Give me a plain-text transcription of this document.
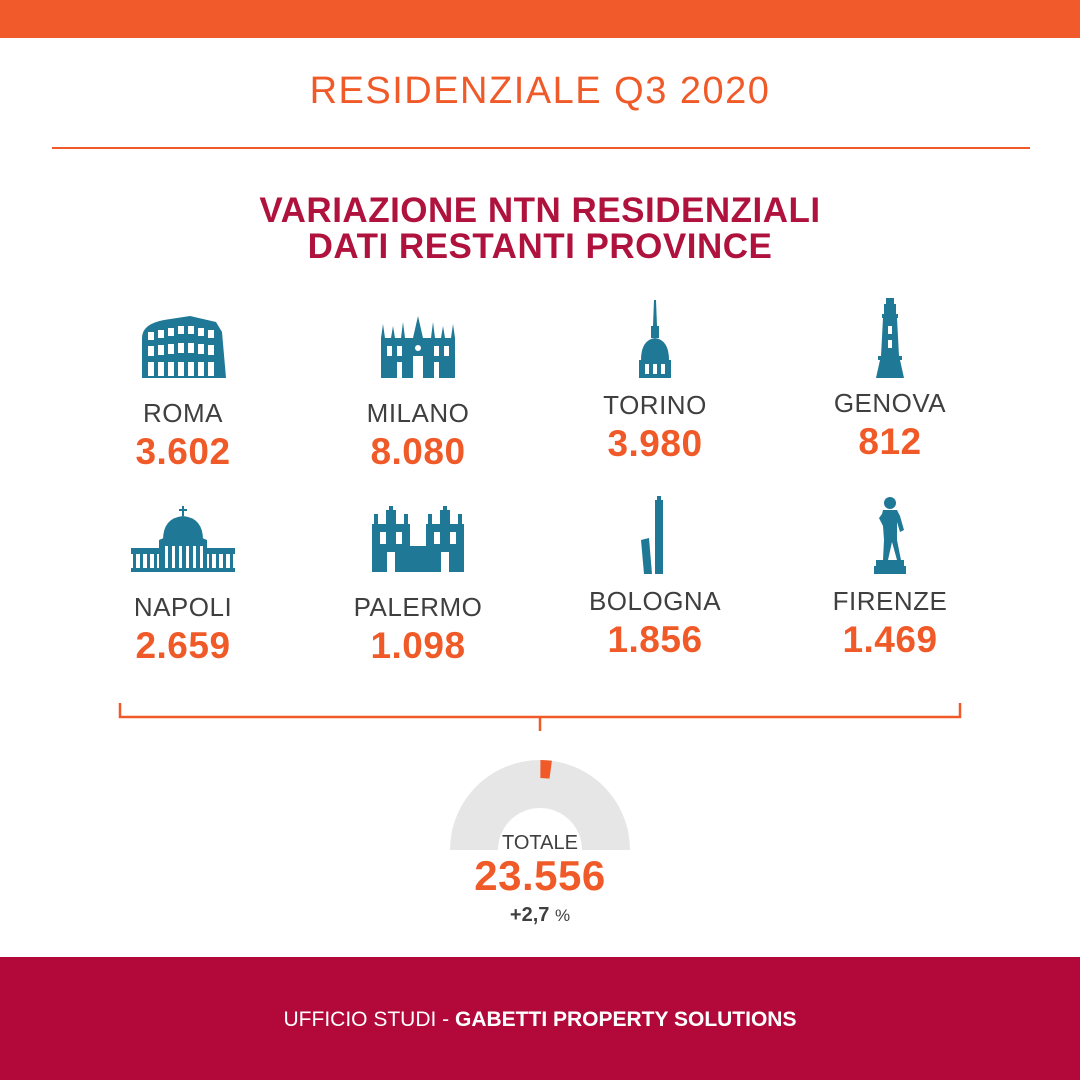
RESIDENZIALE Q3 2020
VARIAZIONE NTN RESIDENZIALI
DATI RESTANTI PROVINCE
ROMA
3.602
MILANO
8.080
TORINO
3.980
GENOVA
812
NAPOLI
2.659
PALERMO
1.098
BOLOGNA
1.856
FIRENZE
1.469
TOTALE
23.556
+2,7 %
UFFICIO STUDI - GABETTI PROPERTY SOLUTIONS
